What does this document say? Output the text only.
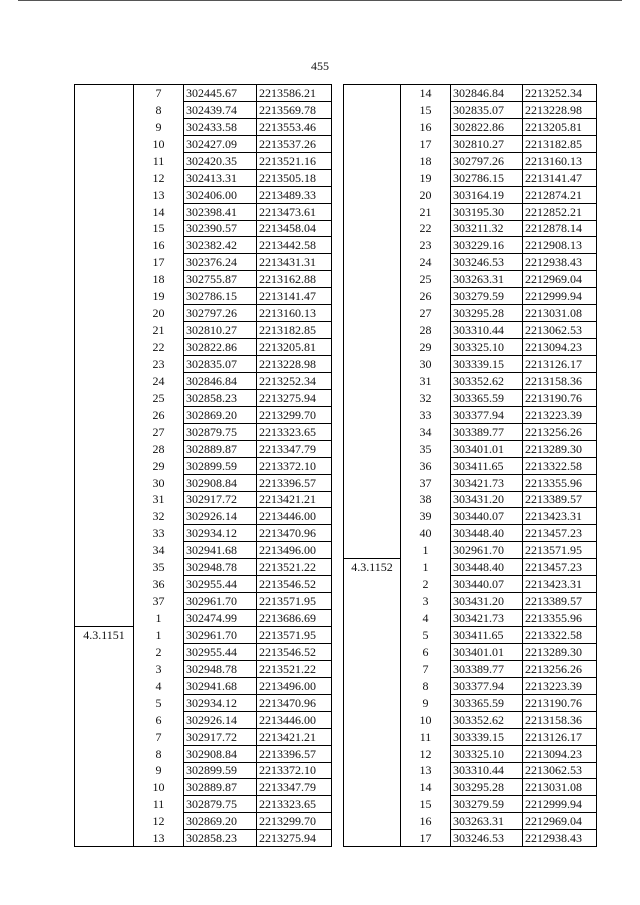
455
	7	302445.67	2213586.21
	8	302439.74	2213569.78
	9	302433.58	2213553.46
	10	302427.09	2213537.26
	11	302420.35	2213521.16
	12	302413.31	2213505.18
	13	302406.00	2213489.33
	14	302398.41	2213473.61
	15	302390.57	2213458.04
	16	302382.42	2213442.58
	17	302376.24	2213431.31
	18	302755.87	2213162.88
	19	302786.15	2213141.47
	20	302797.26	2213160.13
	21	302810.27	2213182.85
	22	302822.86	2213205.81
	23	302835.07	2213228.98
	24	302846.84	2213252.34
	25	302858.23	2213275.94
	26	302869.20	2213299.70
	27	302879.75	2213323.65
	28	302889.87	2213347.79
	29	302899.59	2213372.10
	30	302908.84	2213396.57
	31	302917.72	2213421.21
	32	302926.14	2213446.00
	33	302934.12	2213470.96
	34	302941.68	2213496.00
	35	302948.78	2213521.22
	36	302955.44	2213546.52
	37	302961.70	2213571.95
	1	302474.99	2213686.69
4.3.1151	1	302961.70	2213571.95
	2	302955.44	2213546.52
	3	302948.78	2213521.22
	4	302941.68	2213496.00
	5	302934.12	2213470.96
	6	302926.14	2213446.00
	7	302917.72	2213421.21
	8	302908.84	2213396.57
	9	302899.59	2213372.10
	10	302889.87	2213347.79
	11	302879.75	2213323.65
	12	302869.20	2213299.70
	13	302858.23	2213275.94
	14	302846.84	2213252.34
	15	302835.07	2213228.98
	16	302822.86	2213205.81
	17	302810.27	2213182.85
	18	302797.26	2213160.13
	19	302786.15	2213141.47
	20	303164.19	2212874.21
	21	303195.30	2212852.21
	22	303211.32	2212878.14
	23	303229.16	2212908.13
	24	303246.53	2212938.43
	25	303263.31	2212969.04
	26	303279.59	2212999.94
	27	303295.28	2213031.08
	28	303310.44	2213062.53
	29	303325.10	2213094.23
	30	303339.15	2213126.17
	31	303352.62	2213158.36
	32	303365.59	2213190.76
	33	303377.94	2213223.39
	34	303389.77	2213256.26
	35	303401.01	2213289.30
	36	303411.65	2213322.58
	37	303421.73	2213355.96
	38	303431.20	2213389.57
	39	303440.07	2213423.31
	40	303448.40	2213457.23
	1	302961.70	2213571.95
4.3.1152	1	303448.40	2213457.23
	2	303440.07	2213423.31
	3	303431.20	2213389.57
	4	303421.73	2213355.96
	5	303411.65	2213322.58
	6	303401.01	2213289.30
	7	303389.77	2213256.26
	8	303377.94	2213223.39
	9	303365.59	2213190.76
	10	303352.62	2213158.36
	11	303339.15	2213126.17
	12	303325.10	2213094.23
	13	303310.44	2213062.53
	14	303295.28	2213031.08
	15	303279.59	2212999.94
	16	303263.31	2212969.04
	17	303246.53	2212938.43
